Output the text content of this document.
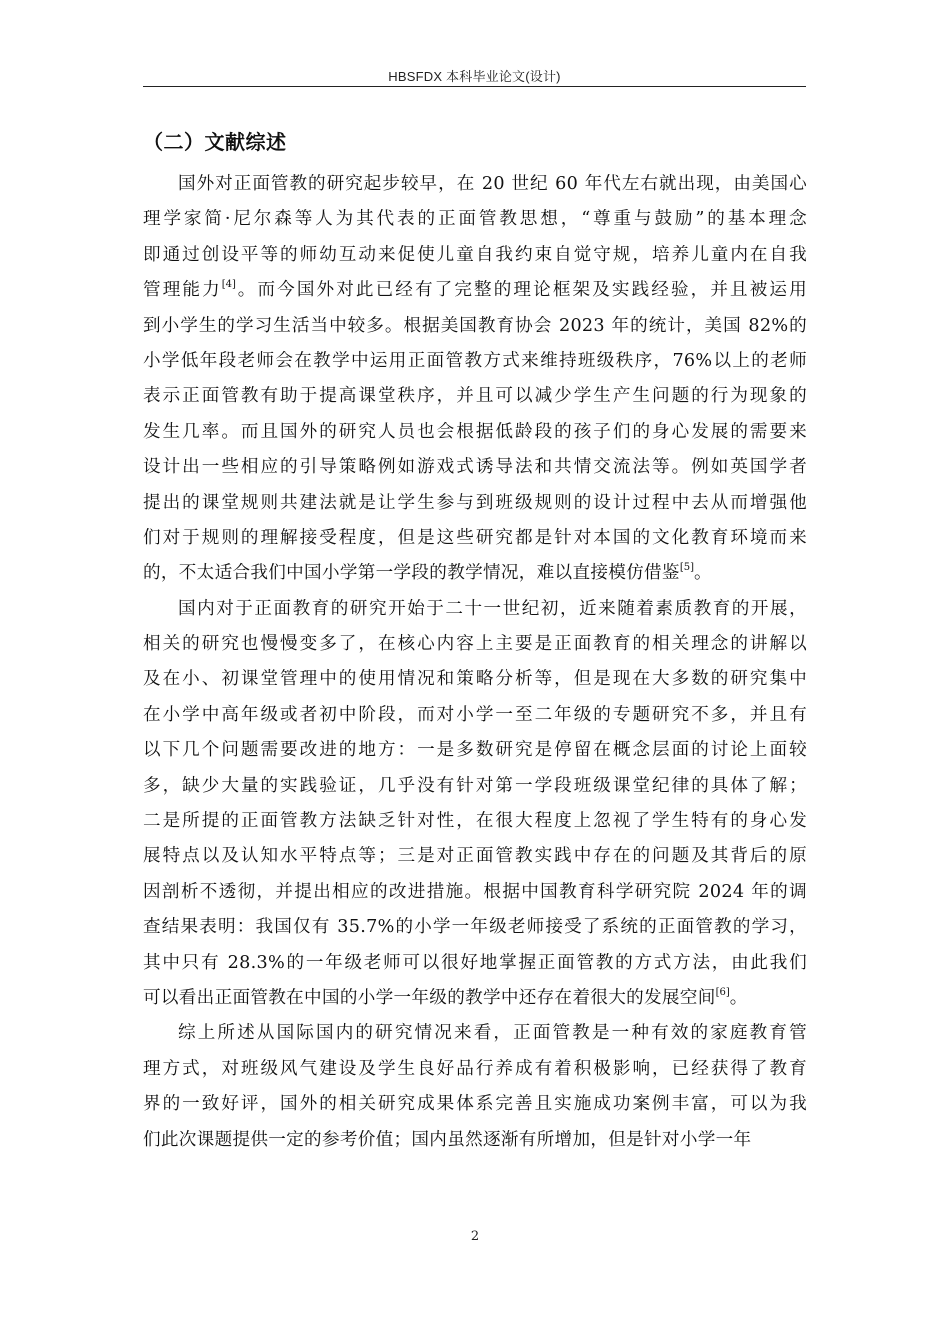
HBSFDX 本科毕业论文(设计)
（二）文献综述
国外对正面管教的研究起步较早，在 20 世纪 60 年代左右就出现，由美国心
理学家简·尼尔森等人为其代表的正面管教思想，“尊重与鼓励”的基本理念
即通过创设平等的师幼互动来促使儿童自我约束自觉守规，培养儿童内在自我
管理能力[4]。而今国外对此已经有了完整的理论框架及实践经验，并且被运用
到小学生的学习生活当中较多。根据美国教育协会 2023 年的统计，美国 82%的
小学低年段老师会在教学中运用正面管教方式来维持班级秩序，76%以上的老师
表示正面管教有助于提高课堂秩序，并且可以减少学生产生问题的行为现象的
发生几率。而且国外的研究人员也会根据低龄段的孩子们的身心发展的需要来
设计出一些相应的引导策略例如游戏式诱导法和共情交流法等。例如英国学者
提出的课堂规则共建法就是让学生参与到班级规则的设计过程中去从而增强他
们对于规则的理解接受程度，但是这些研究都是针对本国的文化教育环境而来
的，不太适合我们中国小学第一学段的教学情况，难以直接模仿借鉴[5]。
国内对于正面教育的研究开始于二十一世纪初，近来随着素质教育的开展，
相关的研究也慢慢变多了，在核心内容上主要是正面教育的相关理念的讲解以
及在小、初课堂管理中的使用情况和策略分析等，但是现在大多数的研究集中
在小学中高年级或者初中阶段，而对小学一至二年级的专题研究不多，并且有
以下几个问题需要改进的地方：一是多数研究是停留在概念层面的讨论上面较
多，缺少大量的实践验证，几乎没有针对第一学段班级课堂纪律的具体了解；
二是所提的正面管教方法缺乏针对性，在很大程度上忽视了学生特有的身心发
展特点以及认知水平特点等；三是对正面管教实践中存在的问题及其背后的原
因剖析不透彻，并提出相应的改进措施。根据中国教育科学研究院 2024 年的调
查结果表明：我国仅有 35.7%的小学一年级老师接受了系统的正面管教的学习，
其中只有 28.3%的一年级老师可以很好地掌握正面管教的方式方法，由此我们
可以看出正面管教在中国的小学一年级的教学中还存在着很大的发展空间[6]。
综上所述从国际国内的研究情况来看，正面管教是一种有效的家庭教育管
理方式，对班级风气建设及学生良好品行养成有着积极影响，已经获得了教育
界的一致好评，国外的相关研究成果体系完善且实施成功案例丰富，可以为我
们此次课题提供一定的参考价值；国内虽然逐渐有所增加，但是针对小学一年
2
